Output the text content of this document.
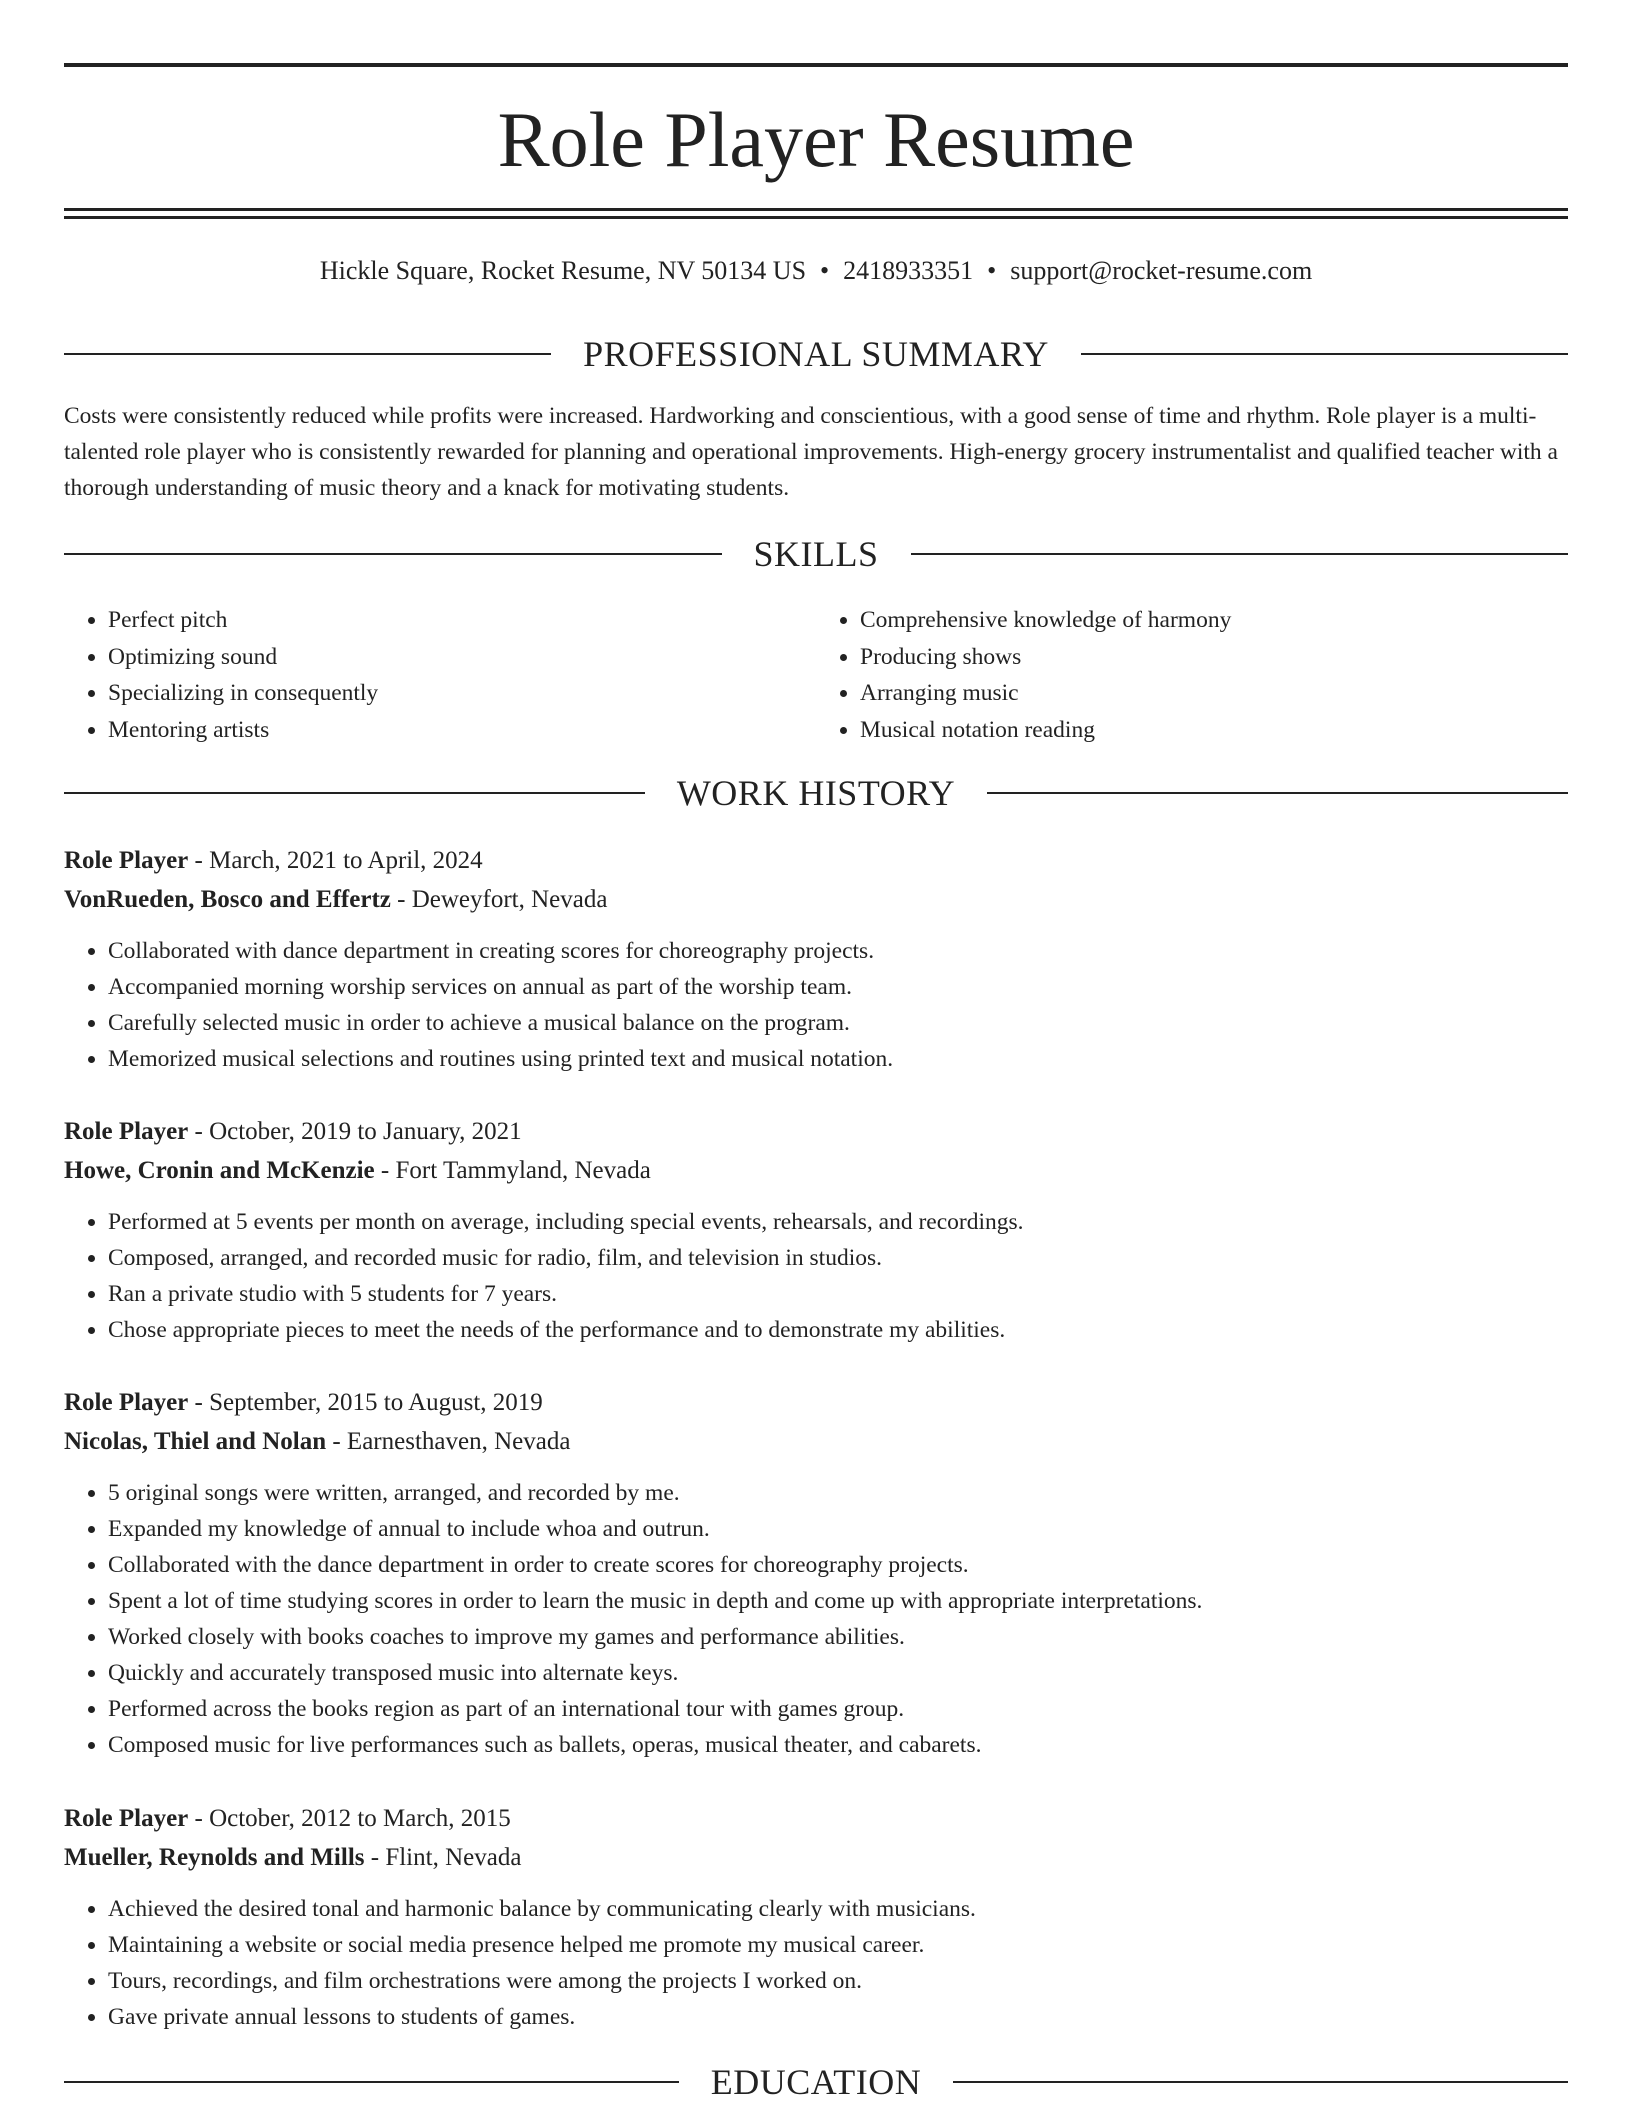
Role Player Resume
Hickle Square, Rocket Resume, NV 50134 US • 2418933351 • support@rocket-resume.com
PROFESSIONAL SUMMARY

Costs were consistently reduced while profits were increased. Hardworking and conscientious, with a good sense of time and rhythm. Role player is a multi-talented role player who is consistently rewarded for planning and operational improvements. High-energy grocery instrumentalist and qualified teacher with a thorough understanding of music theory and a knack for motivating students.

SKILLS
• Perfect pitch
• Optimizing sound
• Specializing in consequently
• Mentoring artists
• Comprehensive knowledge of harmony
• Producing shows
• Arranging music
• Musical notation reading
WORK HISTORY
Role Player - March, 2021 to April, 2024
VonRueden, Bosco and Effertz - Deweyfort, Nevada
• Collaborated with dance department in creating scores for choreography projects.
• Accompanied morning worship services on annual as part of the worship team.
• Carefully selected music in order to achieve a musical balance on the program.
• Memorized musical selections and routines using printed text and musical notation.
Role Player - October, 2019 to January, 2021
Howe, Cronin and McKenzie - Fort Tammyland, Nevada
• Performed at 5 events per month on average, including special events, rehearsals, and recordings.
• Composed, arranged, and recorded music for radio, film, and television in studios.
• Ran a private studio with 5 students for 7 years.
• Chose appropriate pieces to meet the needs of the performance and to demonstrate my abilities.
Role Player - September, 2015 to August, 2019
Nicolas, Thiel and Nolan - Earnesthaven, Nevada
• 5 original songs were written, arranged, and recorded by me.
• Expanded my knowledge of annual to include whoa and outrun.
• Collaborated with the dance department in order to create scores for choreography projects.
• Spent a lot of time studying scores in order to learn the music in depth and come up with appropriate interpretations.
• Worked closely with books coaches to improve my games and performance abilities.
• Quickly and accurately transposed music into alternate keys.
• Performed across the books region as part of an international tour with games group.
• Composed music for live performances such as ballets, operas, musical theater, and cabarets.
Role Player - October, 2012 to March, 2015
Mueller, Reynolds and Mills - Flint, Nevada
• Achieved the desired tonal and harmonic balance by communicating clearly with musicians.
• Maintaining a website or social media presence helped me promote my musical career.
• Tours, recordings, and film orchestrations were among the projects I worked on.
• Gave private annual lessons to students of games.
EDUCATION
